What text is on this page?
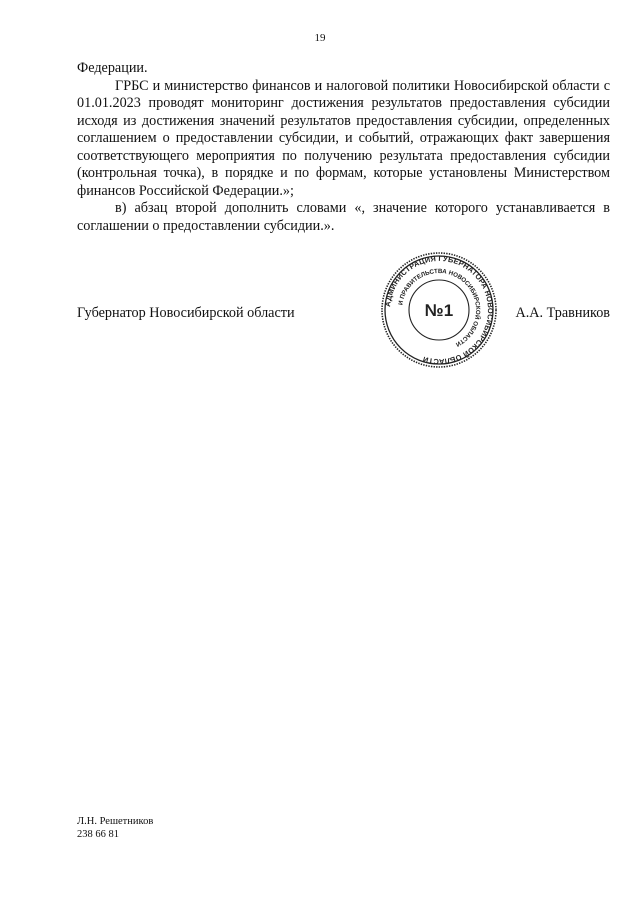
19

Федерации.

ГРБС и министерство финансов и налоговой политики Новосибирской области с 01.01.2023 проводят мониторинг достижения результатов предоставления субсидии исходя из достижения значений результатов предоставления субсидии, определенных соглашением о предоставлении субсидии, и событий, отражающих факт завершения соответствующего мероприятия по получению результата предоставления субсидии (контрольная точка), в порядке и по формам, которые установлены Министерством финансов Российской Федерации.»;

в) абзац второй дополнить словами «, значение которого устанавливается в соглашении о предоставлении субсидии.».

Губернатор Новосибирской области	А.А. Травников
АДМИНИСТРАЦИЯ ГУБЕРНАТОРА НОВОСИБИРСКОЙ ОБЛАСТИ
И ПРАВИТЕЛЬСТВА НОВОСИБИРСКОЙ ОБЛАСТИ
№1
Л.Н. Решетников
238 66 81
